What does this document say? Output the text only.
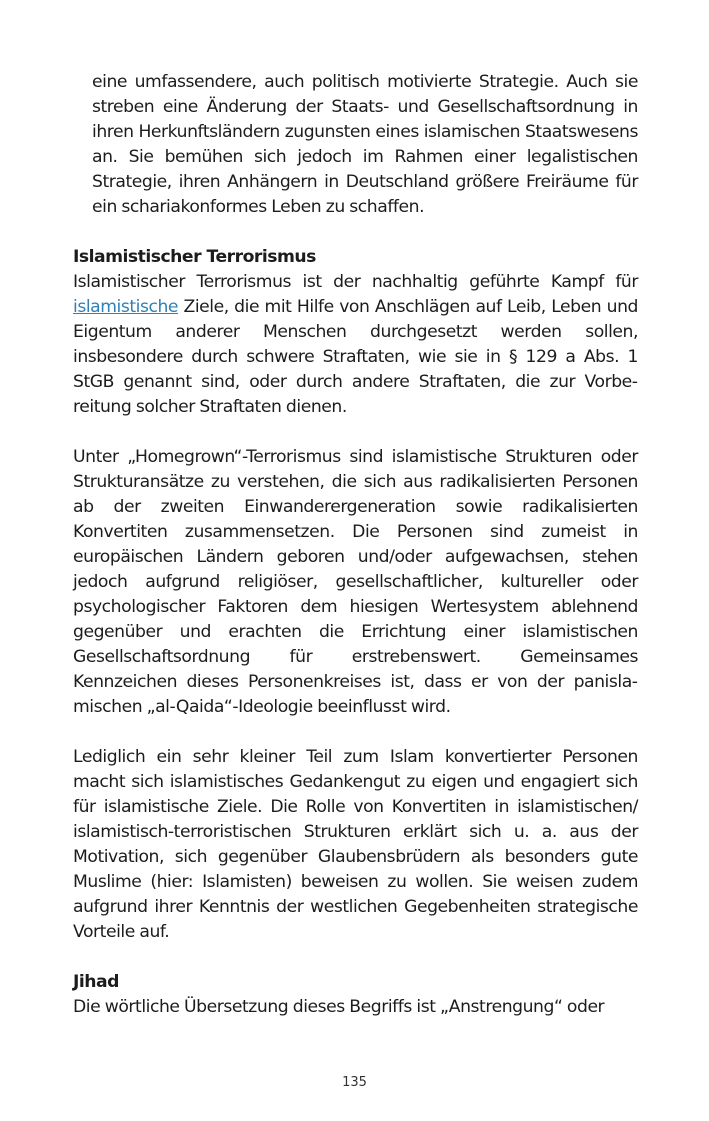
eine umfassendere, auch politisch motivierte Strategie. Auch sie streben eine Änderung der Staats- und Gesellschaftsordnung in ihren Herkunftsländern zugunsten eines islamischen Staatswesens an. Sie bemühen sich jedoch im Rahmen einer legalistischen Strategie, ihren Anhängern in Deutschland größere Freiräume für ein schariakonformes Leben zu schaffen.

Islamistischer Terrorismus

Islamistischer Terrorismus ist der nachhaltig geführte Kampf für islamistische Ziele, die mit Hilfe von Anschlägen auf Leib, Leben und Eigentum anderer Menschen durchgesetzt werden sollen, insbesondere durch schwere Straftaten, wie sie in § 129 a Abs. 1 StGB genannt sind, oder durch andere Straftaten, die zur Vorbereitung solcher Straftaten dienen.

Unter „Homegrown“-Terrorismus sind islamistische Strukturen oder Strukturansätze zu verstehen, die sich aus radikalisierten Personen ab der zweiten Einwanderergeneration sowie radikalisierten Konvertiten zusammensetzen. Die Personen sind zumeist in europäischen Ländern geboren und/oder aufgewachsen, stehen jedoch aufgrund religiöser, gesellschaftlicher, kultureller oder psychologischer Faktoren dem hiesigen Wertesystem ablehnend gegenüber und erachten die Errichtung einer islamistischen Gesellschaftsordnung für erstrebenswert. Gemeinsames Kennzeichen dieses Personenkreises ist, dass er von der panislamischen „al-Qaida“-Ideologie beeinflusst wird.

Lediglich ein sehr kleiner Teil zum Islam konvertierter Personen macht sich islamistisches Gedankengut zu eigen und engagiert sich für islamistische Ziele. Die Rolle von Konvertiten in islamistischen/ islamistisch-terroristischen Strukturen erklärt sich u. a. aus der Motivation, sich gegenüber Glaubensbrüdern als besonders gute Muslime (hier: Islamisten) beweisen zu wollen. Sie weisen zudem aufgrund ihrer Kenntnis der westlichen Gegebenheiten strategische Vorteile auf.

Jihad

Die wörtliche Übersetzung dieses Begriffs ist „Anstrengung“ oder

135
